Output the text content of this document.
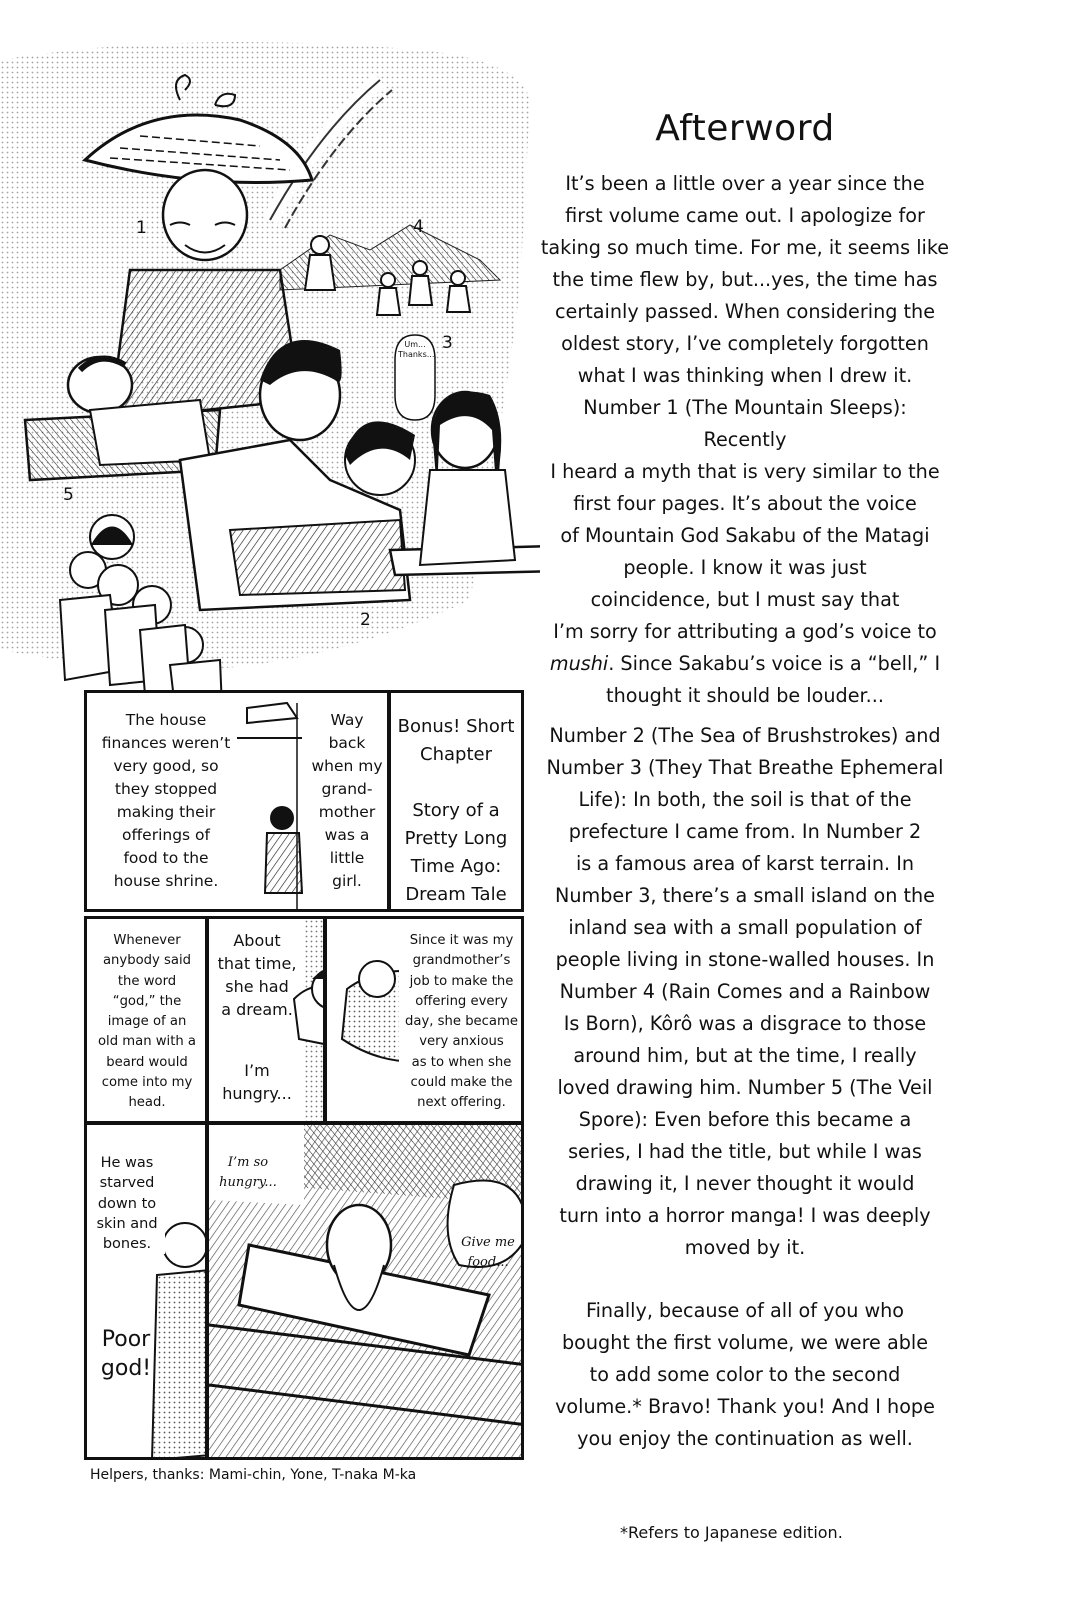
1
2
3
4
5
Um...
Thanks...
Afterword
It’s been a little over a year since the
first volume came out. I apologize for
taking so much time. For me, it seems like
the time flew by, but...yes, the time has
certainly passed. When considering the
oldest story, I’ve completely forgotten
what I was thinking when I drew it.
Number 1 (The Mountain Sleeps): Recently
I heard a myth that is very similar to the
first four pages. It’s about the voice
of Mountain God Sakabu of the Matagi
people. I know it was just
coincidence, but I must say that
I’m sorry for attributing a god’s voice to
mushi. Since Sakabu’s voice is a “bell,” I
thought it should be louder...
Number 2 (The Sea of Brushstrokes) and
Number 3 (They That Breathe Ephemeral
Life): In both, the soil is that of the
prefecture I came from. In Number 2
is a famous area of karst terrain. In
Number 3, there’s a small island on the
inland sea with a small population of
people living in stone-walled houses. In
Number 4 (Rain Comes and a Rainbow
Is Born), Kôrô was a disgrace to those
around him, but at the time, I really
loved drawing him. Number 5 (The Veil
Spore): Even before this became a
series, I had the title, but while I was
drawing it, I never thought it would
turn into a horror manga! I was deeply
moved by it.
Finally, because of all of you who
bought the first volume, we were able
to add some color to the second
volume.* Bravo! Thank you! And I hope
you enjoy the continuation as well.
*Refers to Japanese edition.
The house
finances weren’t
very good, so
they stopped
making their
offerings of
food to the
house shrine.
Way
back
when my
grand-
mother
was a
little
girl.
Bonus! Short
Chapter

Story of a
Pretty Long
Time Ago:
Dream Tale
Whenever
anybody said
the word
“god,” the
image of an
old man with a
beard would
come into my
head.
About
that time,
she had
a dream.
I’m
hungry...
Since it was my
grandmother’s
job to make the
offering every
day, she became
very anxious
as to when she
could make the
next offering.
He was
starved
down to
skin and
bones.
Poor
god!
I’m so
hungry...
Give me
food...
Helpers, thanks: Mami-chin, Yone, T-naka M-ka
